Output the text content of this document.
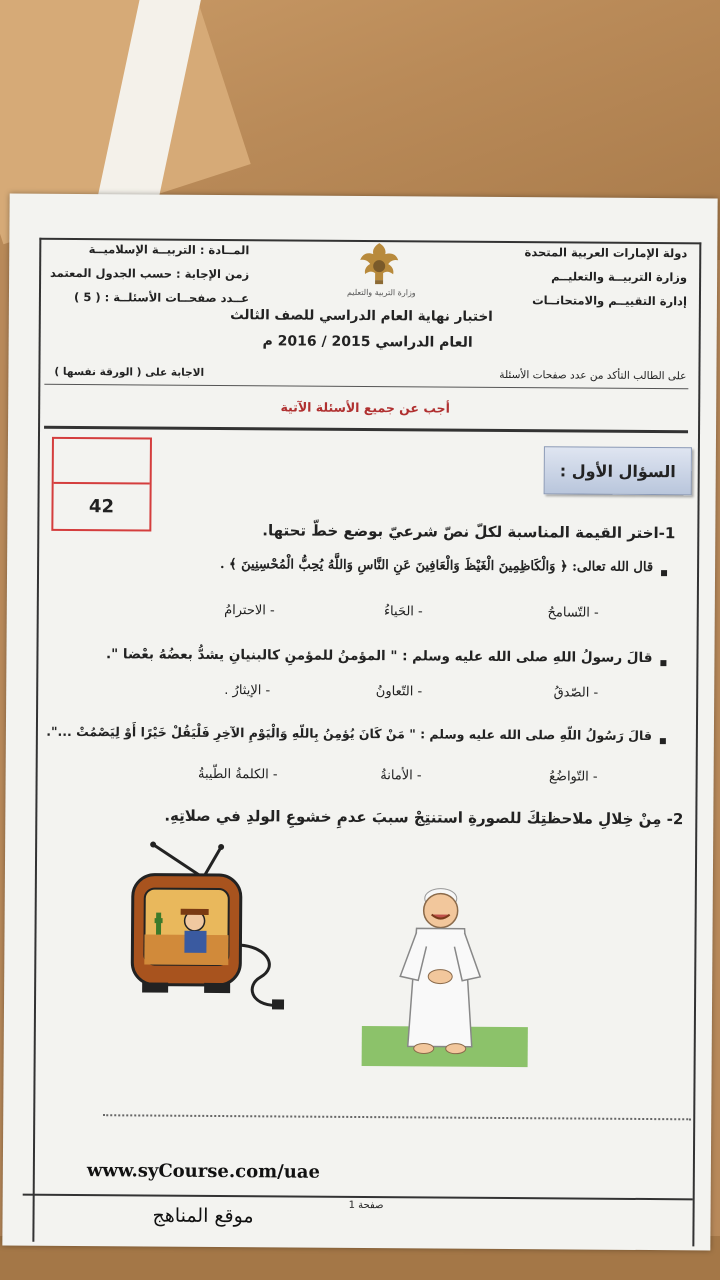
دولة الإمارات العربية المتحدة
وزارة التربيــة والتعليــم
إدارة التقييــم والامتحانــات
المــادة : التربيــة الإسلاميــة
زمن الإجابة : حسب الجدول المعتمد
عــدد صفحــات الأسئلــة : ( 5 )	وزارة التربية والتعليم
اختبار نهاية العام الدراسي للصف الثالث
العام الدراسي 2015 / 2016 م
على الطالب التأكد من عدد صفحات الأسئلة
الاجابة على ( الورقة نفسها )
أجب عن جميع الأسئلة الآتية
42
السؤال الأول :
1-اختر القيمة المناسبة لكلّ نصّ شرعيّ بوضع خطّ تحتها.
قال الله تعالى: ﴿ وَالْكَاظِمِينَ الْغَيْظَ وَالْعَافِينَ عَنِ النَّاسِ وَاللَّهُ يُحِبُّ الْمُحْسِنِينَ ﴾ .
- التّسامحُ
- الحَياءُ
- الاحترامُ
قالَ رسولُ اللهِ صلى الله عليه وسلم : " المؤمنُ للمؤمنِ كالبنيانِ يشدُّ بعضُهُ بعْضا ".
- الصّدقُ
- التّعاونُ
- الإيثارُ .
قالَ رَسُولُ اللّهِ صلى الله عليه وسلم : " مَنْ كَانَ يُؤمِنُ بِاللّهِ وَالْيَوْمِ الآخِرِ فَلْيَقُلْ خَيْرًا أَوْ لِيَصْمُتْ ...".
- التّواضُعُ
- الأمانةُ
- الكلمةُ الطّيبةُ
2- مِنْ خِلالِ ملاحظتِكَ للصورةِ استنتِجْ سببَ عدمِ خشوعِ الولدِ في صلاتِهِ.
www.syCourse.com/uae
موقع المناهج	صفحة 1
